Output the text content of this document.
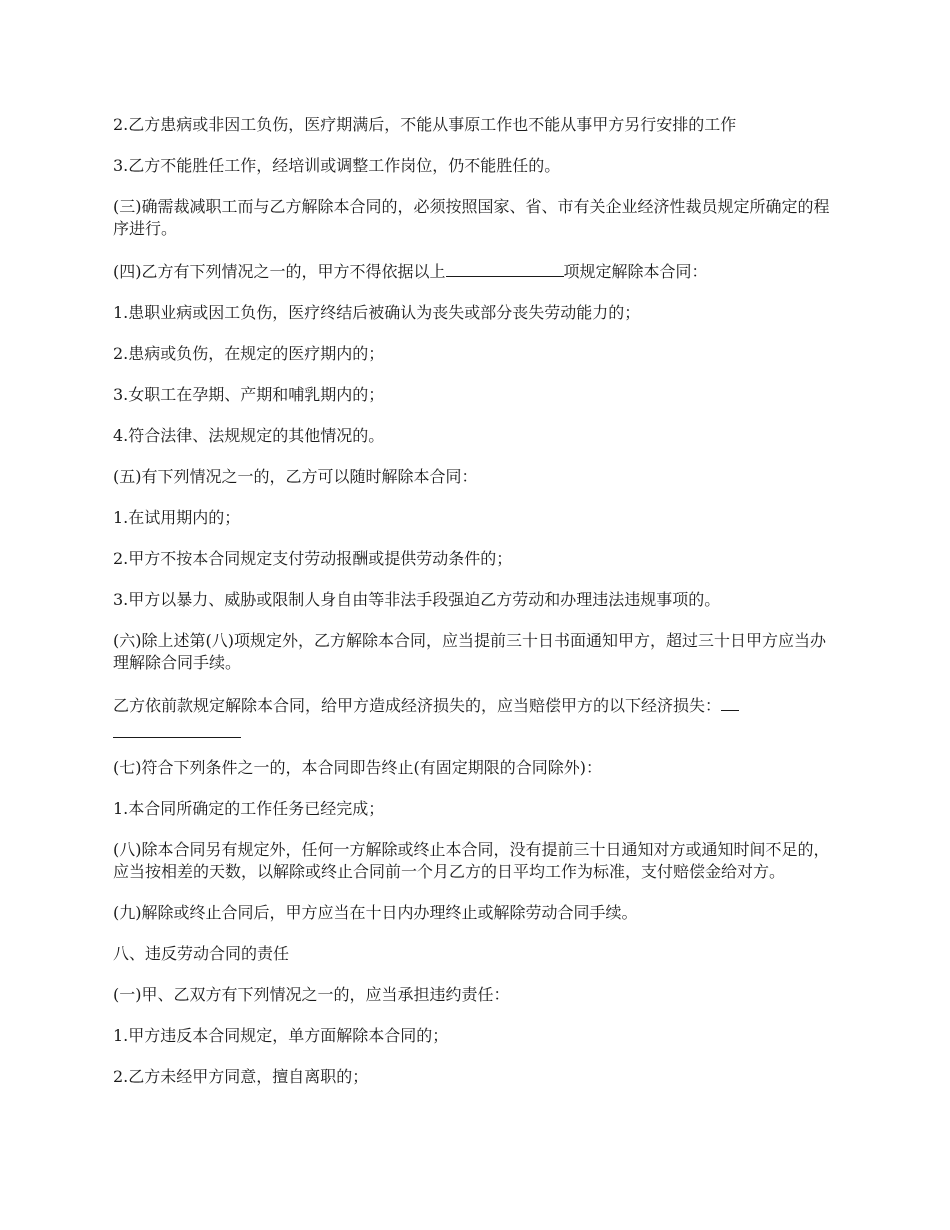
2.乙方患病或非因工负伤，医疗期满后，不能从事原工作也不能从事甲方另行安排的工作

3.乙方不能胜任工作，经培训或调整工作岗位，仍不能胜任的。

(三)确需裁减职工而与乙方解除本合同的，必须按照国家、省、市有关企业经济性裁员规定所确定的程序进行。

(四)乙方有下列情况之一的，甲方不得依据以上	项规定解除本合同：

1.患职业病或因工负伤，医疗终结后被确认为丧失或部分丧失劳动能力的；

2.患病或负伤，在规定的医疗期内的；

3.女职工在孕期、产期和哺乳期内的；

4.符合法律、法规规定的其他情况的。

(五)有下列情况之一的，乙方可以随时解除本合同：

1.在试用期内的；

2.甲方不按本合同规定支付劳动报酬或提供劳动条件的；

3.甲方以暴力、威胁或限制人身自由等非法手段强迫乙方劳动和办理违法违规事项的。

(六)除上述第(八)项规定外，乙方解除本合同，应当提前三十日书面通知甲方，超过三十日甲方应当办理解除合同手续。

乙方依前款规定解除本合同，给甲方造成经济损失的，应当赔偿甲方的以下经济损失：

(七)符合下列条件之一的，本合同即告终止(有固定期限的合同除外)：

1.本合同所确定的工作任务已经完成；

(八)除本合同另有规定外，任何一方解除或终止本合同，没有提前三十日通知对方或通知时间不足的，应当按相差的天数，以解除或终止合同前一个月乙方的日平均工作为标准，支付赔偿金给对方。

(九)解除或终止合同后，甲方应当在十日内办理终止或解除劳动合同手续。

八、违反劳动合同的责任

(一)甲、乙双方有下列情况之一的，应当承担违约责任：

1.甲方违反本合同规定，单方面解除本合同的；

2.乙方未经甲方同意，擅自离职的；
